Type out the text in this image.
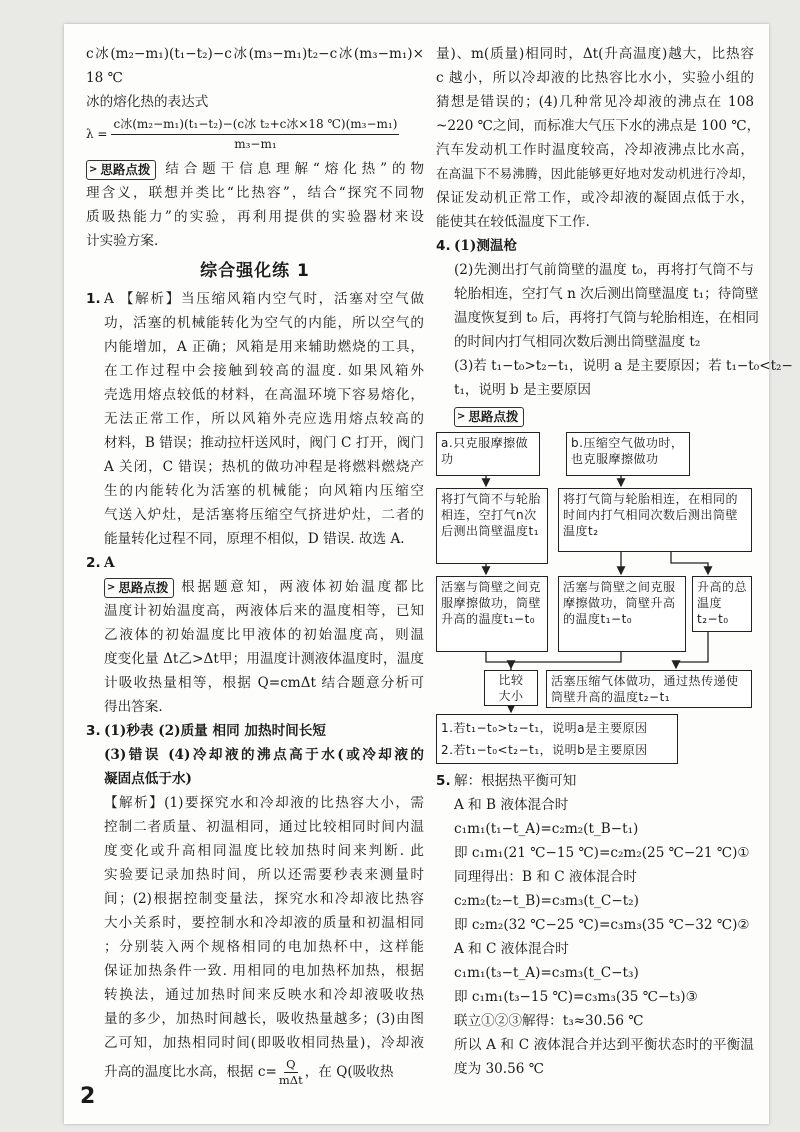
c冰(m₂−m₁)(t₁−t₂)−c冰(m₃−m₁)t₂−c冰(m₃−m₁)×
18 ℃
冰的熔化热的表达式
λ =
c冰(m₂−m₁)(t₁−t₂)−(c冰 t₂+c冰×18 ℃)(m₃−m₁)
m₃−m₁
> 思路点拨 结合题干信息理解“熔化热”的物
理含义，联想并类比“比热容”，结合“探究不同物
质吸热能力”的实验，再利用提供的实验器材来设
计实验方案.
综合强化练 1
1. A 【解析】当压缩风箱内空气时，活塞对空气做
功，活塞的机械能转化为空气的内能，所以空气的
内能增加，A 正确；风箱是用来辅助燃烧的工具，
在工作过程中会接触到较高的温度. 如果风箱外
壳选用熔点较低的材料，在高温环境下容易熔化，
无法正常工作，所以风箱外壳应选用熔点较高的
材料，B 错误；推动拉杆送风时，阀门 C 打开，阀门
A 关闭，C 错误；热机的做功冲程是将燃料燃烧产
生的内能转化为活塞的机械能；向风箱内压缩空
气送入炉灶，是活塞将压缩空气挤进炉灶，二者的
能量转化过程不同，原理不相似，D 错误. 故选 A.
2. A
> 思路点拨 根据题意知，两液体初始温度都比
温度计初始温度高，两液体后来的温度相等，已知
乙液体的初始温度比甲液体的初始温度高，则温
度变化量 Δt乙>Δt甲；用温度计测液体温度时，温度
计吸收热量相等，根据 Q=cmΔt 结合题意分析可
得出答案.
3. (1)秒表 (2)质量 相同 加热时间长短
(3)错误 (4)冷却液的沸点高于水(或冷却液的
凝固点低于水)
【解析】(1)要探究水和冷却液的比热容大小，需
控制二者质量、初温相同，通过比较相同时间内温
度变化或升高相同温度比较加热时间来判断. 此
实验要记录加热时间，所以还需要秒表来测量时
间；(2)根据控制变量法，探究水和冷却液比热容
大小关系时，要控制水和冷却液的质量和初温相同
；分别装入两个规格相同的电加热杯中，这样能
保证加热条件一致. 用相同的电加热杯加热，根据
转换法，通过加热时间来反映水和冷却液吸收热
量的多少，加热时间越长，吸收热量越多；(3)由图
乙可知，加热相同时间(即吸收相同热量)，冷却液
升高的温度比水高，根据 c= Q
mΔt ，在 Q(吸收热
量)、m(质量)相同时，Δt(升高温度)越大，比热容
c 越小，所以冷却液的比热容比水小，实验小组的
猜想是错误的；(4)几种常见冷却液的沸点在 108
~220 ℃之间，而标准大气压下水的沸点是 100 ℃，
汽车发动机工作时温度较高，冷却液沸点比水高，
在高温下不易沸腾，因此能够更好地对发动机进行冷却，
保证发动机正常工作，或冷却液的凝固点低于水，
能使其在较低温度下工作.
4. (1)测温枪
(2)先测出打气前筒壁的温度 t₀，再将打气筒不与
轮胎相连，空打气 n 次后测出筒壁温度 t₁；待筒壁
温度恢复到 t₀ 后，再将打气筒与轮胎相连，在相同
的时间内打气相同次数后测出筒壁温度 t₂
(3)若 t₁−t₀>t₂−t₁，说明 a 是主要原因；若 t₁−t₀<t₂−
t₁，说明 b 是主要原因
> 思路点拨
a.只克服摩擦做功
b.压缩空气做功时，也克服摩擦做功
将打气筒不与轮胎相连，空打气n次后测出筒壁温度t₁
将打气筒与轮胎相连，在相同的时间内打气相同次数后测出筒壁温度t₂
活塞与筒壁之间克服摩擦做功，筒壁升高的温度t₁−t₀
活塞与筒壁之间克服摩擦做功，筒壁升高的温度t₁−t₀
升高的总温度t₂−t₀
比较
大小
活塞压缩气体做功，通过热传递使筒壁升高的温度t₂−t₁
1.若t₁−t₀>t₂−t₁，说明a是主要原因
2.若t₁−t₀<t₂−t₁，说明b是主要原因
5. 解：根据热平衡可知
A 和 B 液体混合时
c₁m₁(t₁−t_A)=c₂m₂(t_B−t₁)
即 c₁m₁(21 ℃−15 ℃)=c₂m₂(25 ℃−21 ℃)①
同理得出：B 和 C 液体混合时
c₂m₂(t₂−t_B)=c₃m₃(t_C−t₂)
即 c₂m₂(32 ℃−25 ℃)=c₃m₃(35 ℃−32 ℃)②
A 和 C 液体混合时
c₁m₁(t₃−t_A)=c₃m₃(t_C−t₃)
即 c₁m₁(t₃−15 ℃)=c₃m₃(35 ℃−t₃)③
联立①②③解得：t₃≈30.56 ℃
所以 A 和 C 液体混合并达到平衡状态时的平衡温
度为 30.56 ℃
2
